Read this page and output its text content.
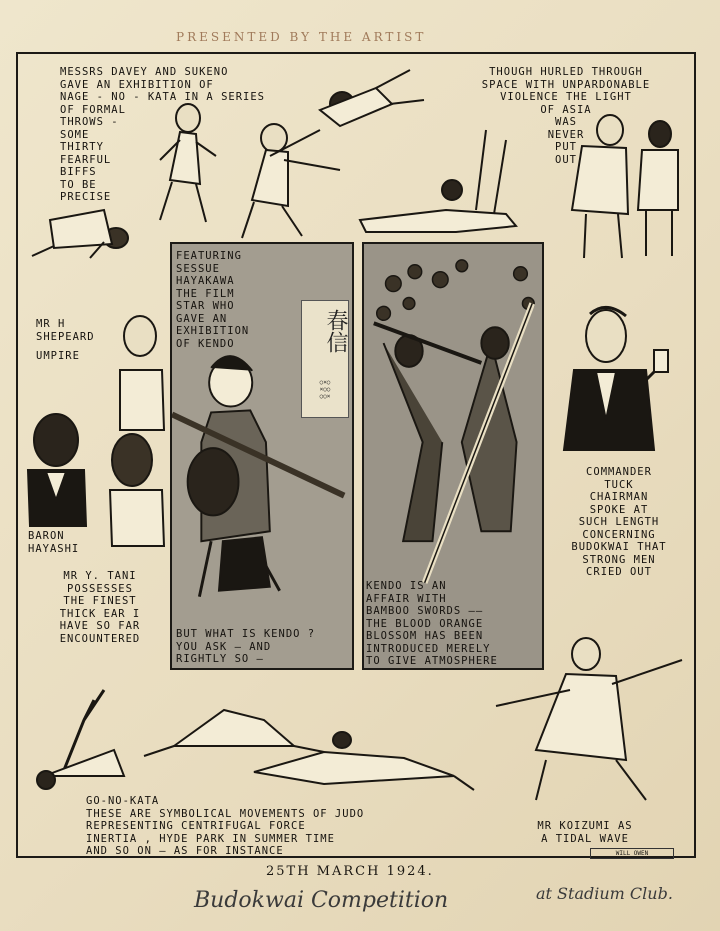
PRESENTED BY THE ARTIST
MESSRS DAVEY AND SUKENO
GAVE AN EXHIBITION OF
NAGE - NO - KATA IN A SERIES
OF FORMAL
THROWS -
SOME
THIRTY
FEARFUL
BIFFS
TO BE
PRECISE
THOUGH HURLED THROUGH
SPACE WITH UNPARDONABLE
VIOLENCE THE LIGHT
OF ASIA
WAS
NEVER
PUT
OUT
FEATURING
SESSUE
HAYAKAWA
THE FILM
STAR WHO
GAVE AN
EXHIBITION
OF KENDO	春信
○×○
×○○
○○×
BUT WHAT IS KENDO ?
YOU ASK — AND
RIGHTLY SO —
KENDO IS AN
AFFAIR WITH
BAMBOO SWORDS ——
THE BLOOD ORANGE
BLOSSOM HAS BEEN
INTRODUCED MERELY
TO GIVE ATMOSPHERE
MR H
SHEPEARD
UMPIRE
BARON
HAYASHI
MR Y. TANI
POSSESSES
THE FINEST
THICK EAR I
HAVE SO FAR
ENCOUNTERED
COMMANDER
TUCK
CHAIRMAN
SPOKE AT
SUCH LENGTH
CONCERNING
BUDOKWAI THAT
STRONG MEN
CRIED OUT
GO-NO-KATA
THESE ARE SYMBOLICAL MOVEMENTS OF JUDO
REPRESENTING CENTRIFUGAL FORCE
INERTIA , HYDE PARK IN SUMMER TIME
AND SO ON — AS FOR INSTANCE
MR KOIZUMI AS
A TIDAL WAVE
WILL OWEN
25TH MARCH 1924.
Budokwai Competition	at Stadium Club.
